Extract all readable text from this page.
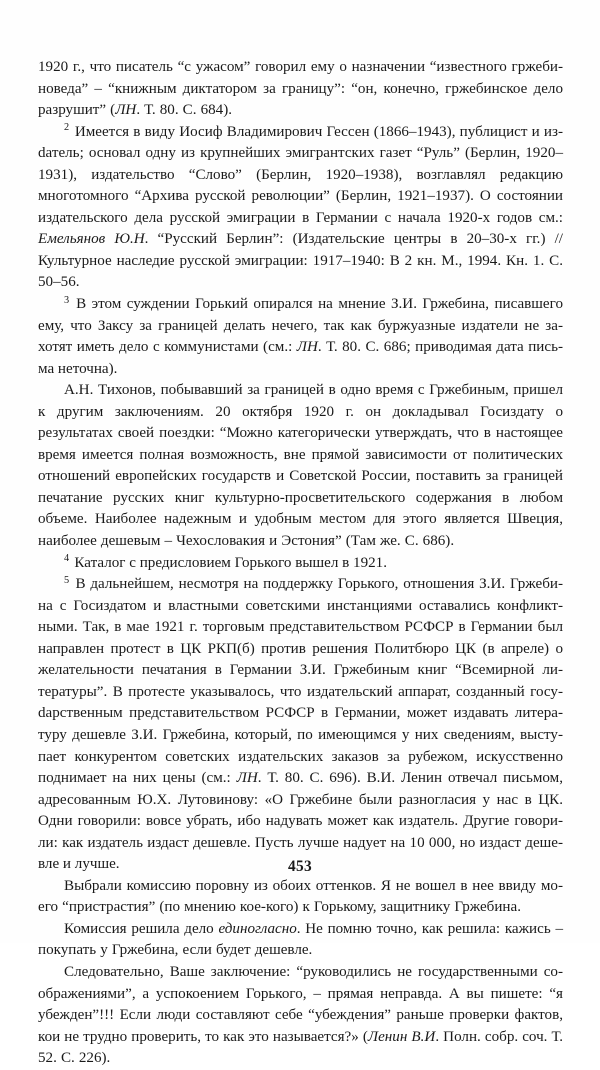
1920 г., что писатель “с ужасом” говорил ему о назначении “известного гржебиноведа” – “книжным диктатором за границу”: “он, конечно, гржебинское дело разрушит” (ЛН. Т. 80. С. 684).

$^2$ Имеется в виду Иосиф Владимирович Гессен (1866–1943), публицист и изdатель; основал одну из крупнейших эмигрантских газет “Руль” (Берлин, 1920–1931), издательство “Слово” (Берлин, 1920–1938), возглавлял редакцию многотомного “Архива русской революции” (Берлин, 1921–1937). О состоянии издательского дела русской эмиграции в Германии с начала 1920-х годов см.: Емельянов Ю.Н. “Русский Берлин”: (Издательские центры в 20–30-х гг.) // Культурное наследие русской эмиграции: 1917–1940: В 2 кн. М., 1994. Кн. 1. С. 50–56.

$^3$ В этом суждении Горький опирался на мнение З.И. Гржебина, писавшего ему, что Заксу за границей делать нечего, так как буржуазные издатели не захотят иметь дело с коммунистами (см.: ЛН. Т. 80. С. 686; приводимая дата письма неточна).

А.Н. Тихонов, побывавший за границей в одно время с Гржебиным, пришел к другим заключениям. 20 октября 1920 г. он докладывал Госиздату о результатах своей поездки: “Можно категорически утверждать, что в настоящее время имеется полная возможность, вне прямой зависимости от политических отношений европейских государств и Советской России, поставить за границей печатание русских книг культурно-просветительского содержания в любом объеме. Наиболее надежным и удобным местом для этого является Швеция, наиболее дешевым – Чехословакия и Эстония” (Там же. С. 686).

$^4$ Каталог с предисловием Горького вышел в 1921.

$^5$ В дальнейшем, несмотря на поддержку Горького, отношения З.И. Гржебина с Госиздатом и властными советскими инстанциями оставались конфликтными. Так, в мае 1921 г. торговым представительством РСФСР в Германии был направлен протест в ЦК РКП(б) против решения Политбюро ЦК (в апреле) о желательности печатания в Германии З.И. Гржебиным книг “Всемирной литературы”. В протесте указывалось, что издательский аппарат, созданный госуdарственным представительством РСФСР в Германии, может издавать литературу дешевле З.И. Гржебина, который, по имеющимся у них сведениям, выступает конкурентом советских издательских заказов за рубежом, искусственно поднимает на них цены (см.: ЛН. Т. 80. С. 696). В.И. Ленин отвечал письмом, адресованным Ю.Х. Лутовинову: «О Гржебине были разногласия у нас в ЦК. Одни говорили: вовсе убрать, ибо надувать может как издатель. Другие говорили: как издатель издаст дешевле. Пусть лучше надует на 10 000, но издаст дешевле и лучше.

Выбрали комиссию поровну из обоих оттенков. Я не вошел в нее ввиду моего “пристрастия” (по мнению кое-кого) к Горькому, защитнику Гржебина.

Комиссия решила дело единогласно. Не помню точно, как решила: кажись – покупать у Гржебина, если будет дешевле.

Следовательно, Ваше заключение: “руководились не государственными соображениями”, а успокоением Горького, – прямая неправда. А вы пишете: “я убежден”!!! Если люди составляют себе “убеждения” раньше проверки фактов, кои не трудно проверить, то как это называется?» (Ленин В.И. Полн. собр. соч. Т. 52. С. 226).

453
